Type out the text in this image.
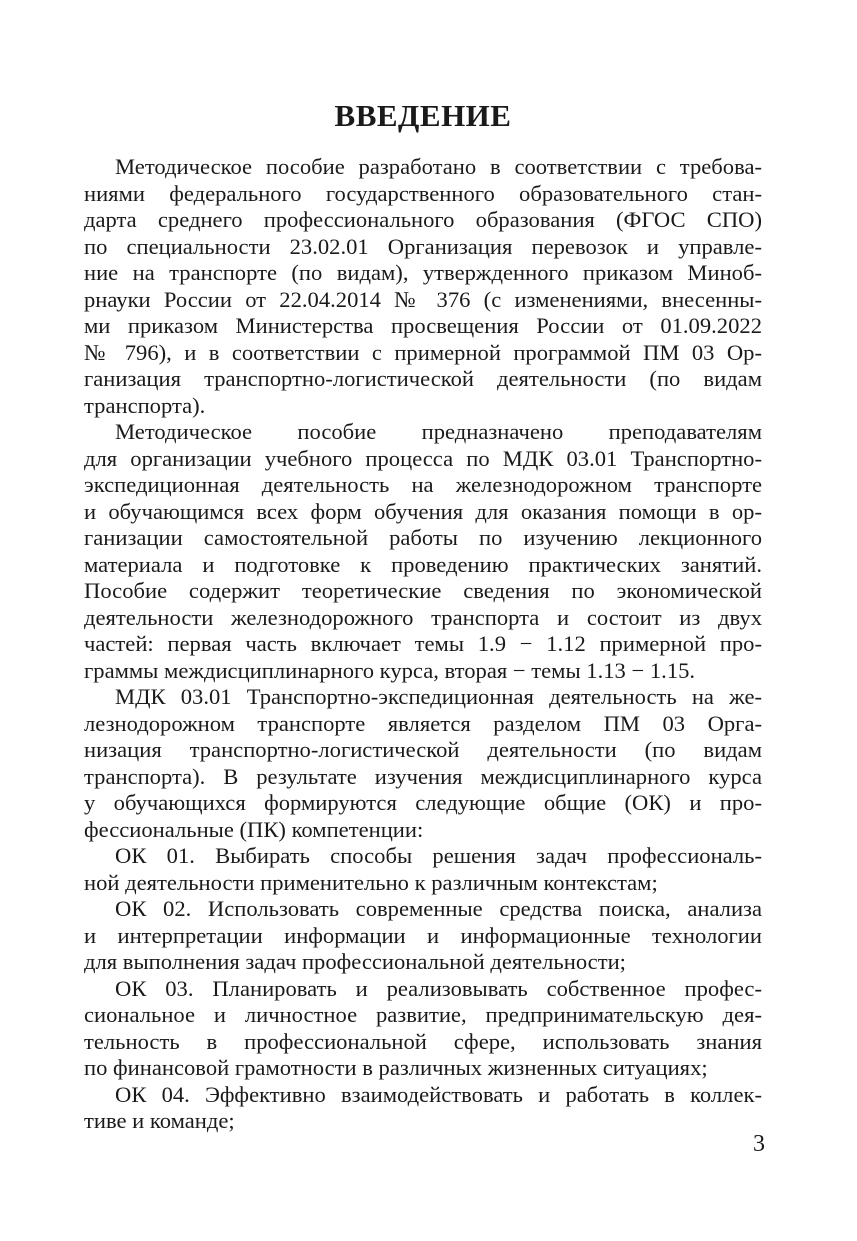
ВВЕДЕНИЕ

Методическое пособие разработано в соответствии с требова-
ниями федерального государственного образовательного стан-
дарта среднего профессионального образования (ФГОС СПО)
по специальности 23.02.01 Организация перевозок и управле-
ние на транспорте (по видам), утвержденного приказом Миноб-
рнауки России от 22.04.2014 № 376 (с изменениями, внесенны-
ми приказом Министерства просвещения России от 01.09.2022
№ 796), и в соответствии с примерной программой ПМ 03 Ор-
ганизация транспортно-логистической деятельности (по видам
транспорта).

Методическое пособие предназначено преподавателям
для организации учебного процесса по МДК 03.01 Транспортно-
экспедиционная деятельность на железнодорожном транспорте
и обучающимся всех форм обучения для оказания помощи в ор-
ганизации самостоятельной работы по изучению лекционного
материала и подготовке к проведению практических занятий.
Пособие содержит теоретические сведения по экономической
деятельности железнодорожного транспорта и состоит из двух
частей: первая часть включает темы 1.9 − 1.12 примерной про-
граммы междисциплинарного курса, вторая − темы 1.13 − 1.15.

МДК 03.01 Транспортно-экспедиционная деятельность на же-
лезнодорожном транспорте является разделом ПМ 03 Орга-
низация транспортно-логистической деятельности (по видам
транспорта). В результате изучения междисциплинарного курса
у обучающихся формируются следующие общие (ОК) и про-
фессиональные (ПК) компетенции:

ОК 01. Выбирать способы решения задач профессиональ-
ной деятельности применительно к различным контекстам;

ОК 02. Использовать современные средства поиска, анализа
и интерпретации информации и информационные технологии
для выполнения задач профессиональной деятельности;

ОК 03. Планировать и реализовывать собственное профес-
сиональное и личностное развитие, предпринимательскую дея-
тельность в профессиональной сфере, использовать знания
по финансовой грамотности в различных жизненных ситуациях;

ОК 04. Эффективно взаимодействовать и работать в коллек-
тиве и команде;

3
